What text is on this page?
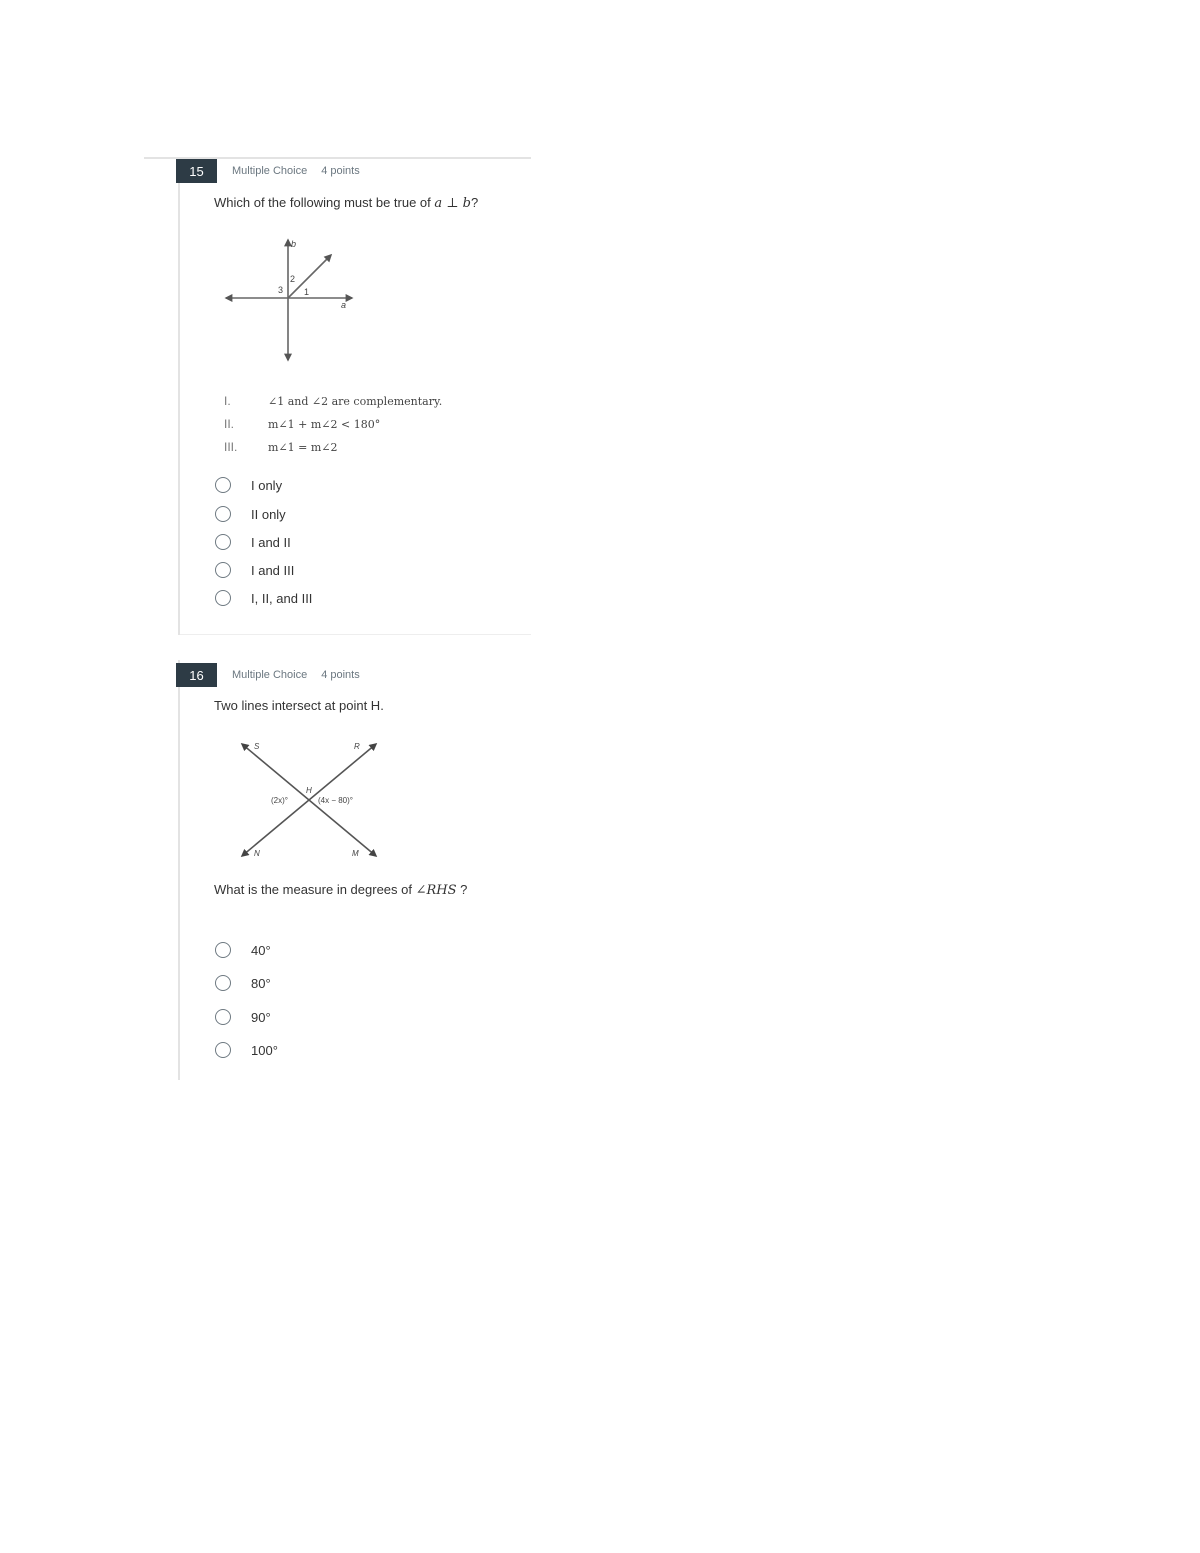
15	Multiple Choice 4 points
Which of the following must be true of a ⊥ b?
b
a
2
1
3
I.	∠1 and ∠2 are complementary.
II.	m∠1 + m∠2 < 180°
III.	m∠1 = m∠2
I only
II only
I and II
I and III
I, II, and III
16	Multiple Choice 4 points
Two lines intersect at point H.
S	R
N	M
H
(2x)°	(4x − 80)°
What is the measure in degrees of ∠RHS ?
40°
80°
90°
100°
